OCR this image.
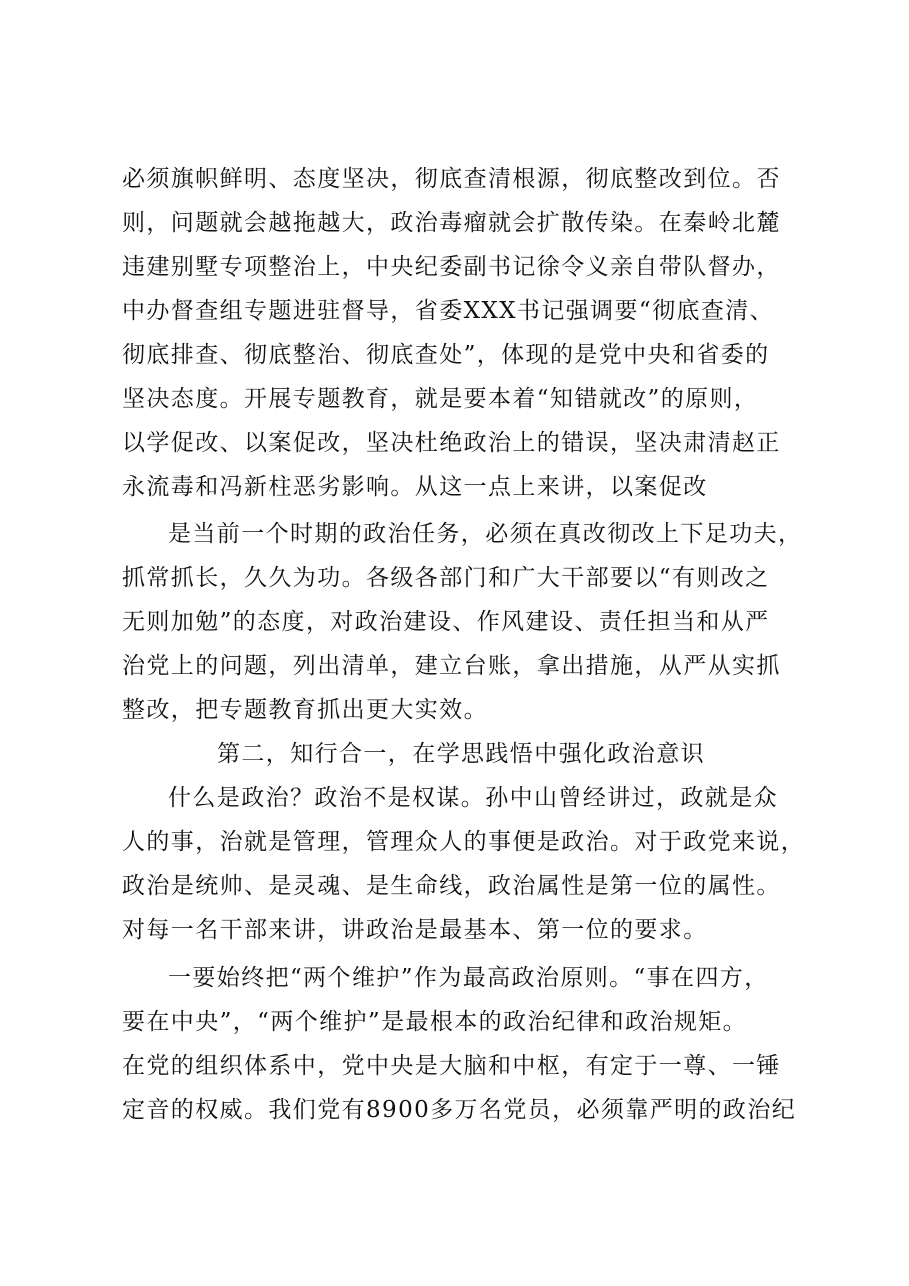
必须旗帜鲜明、态度坚决，彻底查清根源，彻底整改到位。否
则，问题就会越拖越大，政治毒瘤就会扩散传染。在秦岭北麓
违建别墅专项整治上，中央纪委副书记徐令义亲自带队督办，
中办督查组专题进驻督导，省委XXX书记强调要“彻底查清、
彻底排查、彻底整治、彻底查处”，体现的是党中央和省委的
坚决态度。开展专题教育，就是要本着“知错就改”的原则，
以学促改、以案促改，坚决杜绝政治上的错误，坚决肃清赵正
永流毒和冯新柱恶劣影响。从这一点上来讲，以案促改
是当前一个时期的政治任务，必须在真改彻改上下足功夫，
抓常抓长，久久为功。各级各部门和广大干部要以“有则改之
无则加勉”的态度，对政治建设、作风建设、责任担当和从严
治党上的问题，列出清单，建立台账，拿出措施，从严从实抓
整改，把专题教育抓出更大实效。
第二，知行合一，在学思践悟中强化政治意识
什么是政治？政治不是权谋。孙中山曾经讲过，政就是众
人的事，治就是管理，管理众人的事便是政治。对于政党来说，
政治是统帅、是灵魂、是生命线，政治属性是第一位的属性。
对每一名干部来讲，讲政治是最基本、第一位的要求。
一要始终把“两个维护”作为最高政治原则。“事在四方，
要在中央”，“两个维护”是最根本的政治纪律和政治规矩。
在党的组织体系中，党中央是大脑和中枢，有定于一尊、一锤
定音的权威。我们党有8900多万名党员，必须靠严明的政治纪
